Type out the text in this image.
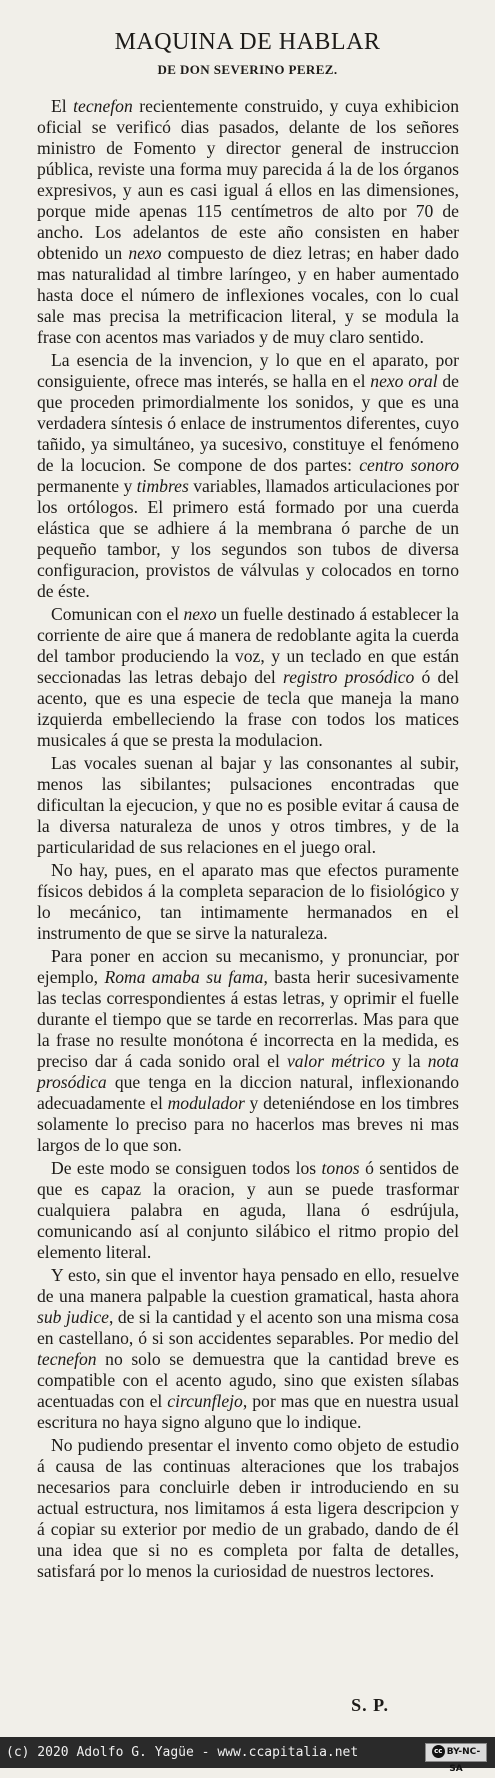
MAQUINA DE HABLAR
DE DON SEVERINO PEREZ.

El tecnefon recientemente construido, y cuya exhibicion oficial se verificó dias pasados, delante de los señores ministro de Fomento y director general de instruccion pública, reviste una forma muy parecida á la de los órganos expresivos, y aun es casi igual á ellos en las dimensiones, porque mide apenas 115 centímetros de alto por 70 de ancho. Los adelantos de este año consisten en haber obtenido un nexo compuesto de diez letras; en haber dado mas naturalidad al timbre laríngeo, y en haber aumentado hasta doce el número de inflexiones vocales, con lo cual sale mas precisa la metrificacion literal, y se modula la frase con acentos mas variados y de muy claro sentido.

La esencia de la invencion, y lo que en el aparato, por consiguiente, ofrece mas interés, se halla en el nexo oral de que proceden primordialmente los sonidos, y que es una verdadera síntesis ó enlace de instrumentos diferentes, cuyo tañido, ya simultáneo, ya sucesivo, constituye el fenómeno de la locucion. Se compone de dos partes: centro sonoro permanente y timbres variables, llamados articulaciones por los ortólogos. El primero está formado por una cuerda elástica que se adhiere á la membrana ó parche de un pequeño tambor, y los segundos son tubos de diversa configuracion, provistos de válvulas y colocados en torno de éste.

Comunican con el nexo un fuelle destinado á establecer la corriente de aire que á manera de redoblante agita la cuerda del tambor produciendo la voz, y un teclado en que están seccionadas las letras debajo del registro prosódico ó del acento, que es una especie de tecla que maneja la mano izquierda embelleciendo la frase con todos los matices musicales á que se presta la modulacion.

Las vocales suenan al bajar y las consonantes al subir, menos las sibilantes; pulsaciones encontradas que dificultan la ejecucion, y que no es posible evitar á causa de la diversa naturaleza de unos y otros timbres, y de la particularidad de sus relaciones en el juego oral.

No hay, pues, en el aparato mas que efectos puramente físicos debidos á la completa separacion de lo fisiológico y lo mecánico, tan intimamente hermanados en el instrumento de que se sirve la naturaleza.

Para poner en accion su mecanismo, y pronunciar, por ejemplo, Roma amaba su fama, basta herir sucesivamente las teclas correspondientes á estas letras, y oprimir el fuelle durante el tiempo que se tarde en recorrerlas. Mas para que la frase no resulte monótona é incorrecta en la medida, es preciso dar á cada sonido oral el valor métrico y la nota prosódica que tenga en la diccion natural, inflexionando adecuadamente el modulador y deteniéndose en los timbres solamente lo preciso para no hacerlos mas breves ni mas largos de lo que son.

De este modo se consiguen todos los tonos ó sentidos de que es capaz la oracion, y aun se puede trasformar cualquiera palabra en aguda, llana ó esdrújula, comunicando así al conjunto silábico el ritmo propio del elemento literal.

Y esto, sin que el inventor haya pensado en ello, resuelve de una manera palpable la cuestion gramatical, hasta ahora sub judice, de si la cantidad y el acento son una misma cosa en castellano, ó si son accidentes separables. Por medio del tecnefon no solo se demuestra que la cantidad breve es compatible con el acento agudo, sino que existen sílabas acentuadas con el circunflejo, por mas que en nuestra usual escritura no haya signo alguno que lo indique.

No pudiendo presentar el invento como objeto de estudio á causa de las continuas alteraciones que los trabajos necesarios para concluirle deben ir introduciendo en su actual estructura, nos limitamos á esta ligera descripcion y á copiar su exterior por medio de un grabado, dando de él una idea que si no es completa por falta de detalles, satisfará por lo menos la curiosidad de nuestros lectores.

S. P.
(c) 2020 Adolfo G. Yagüe - www.ccapitalia.net	cc BY-NC-SA
